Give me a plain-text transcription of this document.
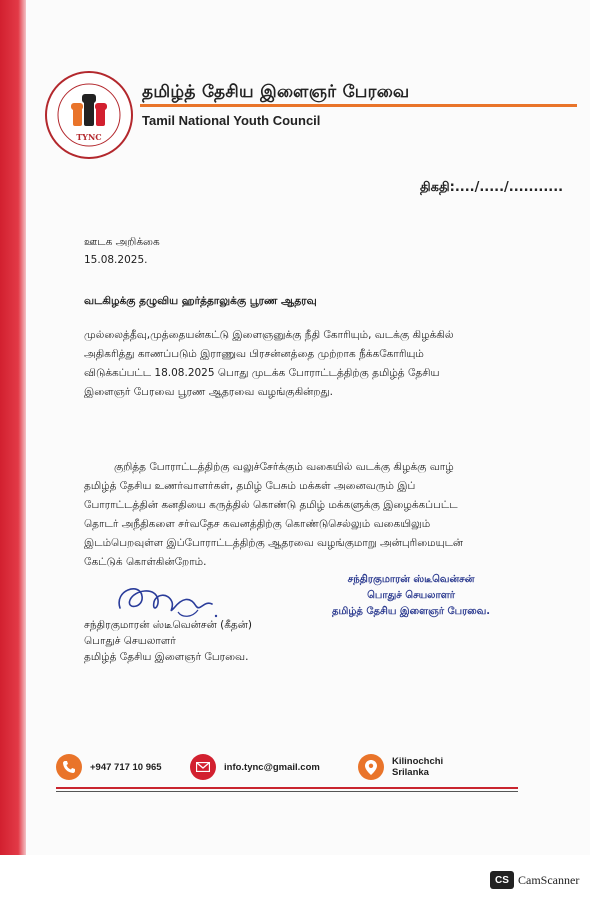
TYNC
தமிழ்த் தேசிய இளைஞர் பேரவை
Tamil National Youth Council
திகதி:..../...../...........
ஊடக அறிக்கை
15.08.2025.
வடகிழக்கு தழுவிய ஹர்த்தாலுக்கு பூரண ஆதரவு
முல்லைத்தீவு,முத்தையன்கட்டு இளைஞனுக்கு நீதி கோரியும், வடக்கு கிழக்கில்
அதிகரித்து காணப்படும் இராணுவ பிரசன்னத்தை முற்றாக நீக்ககோரியும்
விடுக்கப்பட்ட 18.08.2025 பொது முடக்க போராட்டத்திற்கு தமிழ்த் தேசிய
இளைஞர் பேரவை பூரண ஆதரவை வழங்குகின்றது.
குறித்த போராட்டத்திற்கு வலுச்சேர்க்கும் வகையில் வடக்கு கிழக்கு வாழ்
தமிழ்த் தேசிய உணர்வாளர்கள், தமிழ் பேசும் மக்கள் அனைவரும் இப்
போராட்டத்தின் கனதியை கருத்தில் கொண்டு தமிழ் மக்களுக்கு இழைக்கப்பட்ட
தொடர் அநீதிகளை சர்வதேச கவனத்திற்கு கொண்டுசெல்லும் வகையிலும்
இடம்பெறவுள்ள இப்போராட்டத்திற்கு ஆதரவை வழங்குமாறு அன்புரிமையுடன்
கேட்டுக் கொள்கின்றோம்.
சந்திரகுமாரன் ஸ்டீவென்சன் (கீதன்)
பொதுச் செயலாளர்
தமிழ்த் தேசிய இளைஞர் பேரவை.
சந்திரகுமாரன் ஸ்டீவென்சன்
பொதுச் செயலாளர்
தமிழ்த் தேசிய இளைஞர் பேரவை.
+947 717 10 965	info.tync@gmail.com	Kilinochchi
Srilanka
CS CamScanner
